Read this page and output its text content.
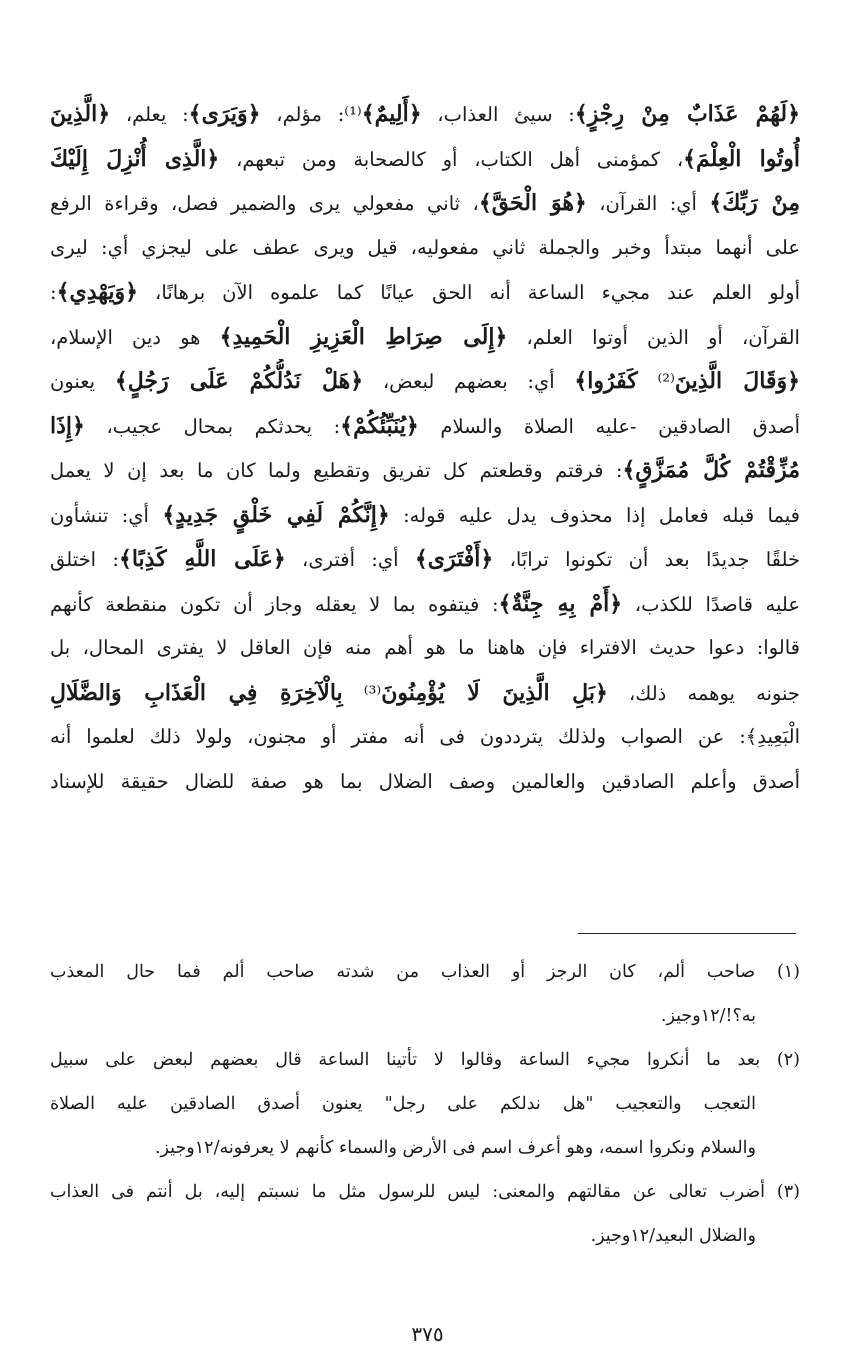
﴿لَهُمْ عَذَابٌ مِنْ رِجْزٍ﴾: سيئ العذاب، ﴿أَلِيمٌ﴾⁽¹⁾: مؤلم، ﴿وَيَرَى﴾: يعلم، ﴿الَّذِينَ
أُوتُوا الْعِلْمَ﴾، كمؤمنى أهل الكتاب، أو كالصحابة ومن تبعهم، ﴿الَّذِى أُنْزِلَ إِلَيْكَ
مِنْ رَبِّكَ﴾ أي: القرآن، ﴿هُوَ الْحَقَّ﴾، ثاني مفعولي يرى والضمير فصل، وقراءة الرفع
على أنهما مبتدأ وخبر والجملة ثاني مفعوليه، قيل ويرى عطف على ليجزي أي: ليرى
أولو العلم عند مجيء الساعة أنه الحق عيانًا كما علموه الآن برهانًا، ﴿وَيَهْدِي﴾:
القرآن، أو الذين أوتوا العلم، ﴿إِلَى صِرَاطِ الْعَزِيزِ الْحَمِيدِ﴾ هو دين الإسلام،
﴿وَقَالَ الَّذِينَ⁽²⁾ كَفَرُوا﴾ أي: بعضهم لبعض، ﴿هَلْ نَدُلُّكُمْ عَلَى رَجُلٍ﴾ يعنون
أصدق الصادقين -عليه الصلاة والسلام ﴿يُنَبِّئُكُمْ﴾: يحدثكم بمحال عجيب، ﴿إِذَا
مُزِّقْتُمْ كُلَّ مُمَزَّقٍ﴾: فرقتم وقطعتم كل تفريق وتقطيع ولما كان ما بعد إن لا يعمل
فيما قبله فعامل إذا محذوف يدل عليه قوله: ﴿إِنَّكُمْ لَفِي خَلْقٍ جَدِيدٍ﴾ أي: تنشأون
خلقًا جديدًا بعد أن تكونوا ترابًا، ﴿أَفْتَرَى﴾ أي: أفترى، ﴿عَلَى اللَّهِ كَذِبًا﴾: اختلق
عليه قاصدًا للكذب، ﴿أَمْ بِهِ جِنَّةٌ﴾: فيتفوه بما لا يعقله وجاز أن تكون منقطعة كأنهم
قالوا: دعوا حديث الافتراء فإن هاهنا ما هو أهم منه فإن العاقل لا يفترى المحال، بل
جنونه يوهمه ذلك، ﴿بَلِ الَّذِينَ لَا يُؤْمِنُونَ⁽³⁾ بِالْآخِرَةِ فِي الْعَذَابِ وَالضَّلَالِ
الْبَعِيدِ﴾: عن الصواب ولذلك يترددون فى أنه مفتر أو مجنون، ولولا ذلك لعلموا أنه
أصدق وأعلم الصادقين والعالمين وصف الضلال بما هو صفة للضال حقيقة للإسناد
(١) صاحب ألم، كان الرجز أو العذاب من شدته صاحب ألم فما حال المعذب
به؟!/١٢وجيز.
(٢) بعد ما أنكروا مجيء الساعة وقالوا لا تأتينا الساعة قال بعضهم لبعض على سبيل
التعجب والتعجيب "هل ندلكم على رجل" يعنون أصدق الصادقين عليه الصلاة
والسلام ونكروا اسمه، وهو أعرف اسم فى الأرض والسماء كأنهم لا يعرفونه/١٢وجيز.
(٣) أضرب تعالى عن مقالتهم والمعنى: ليس للرسول مثل ما نسبتم إليه، بل أنتم فى العذاب
والضلال البعيد/١٢وجيز.
٣٧٥
